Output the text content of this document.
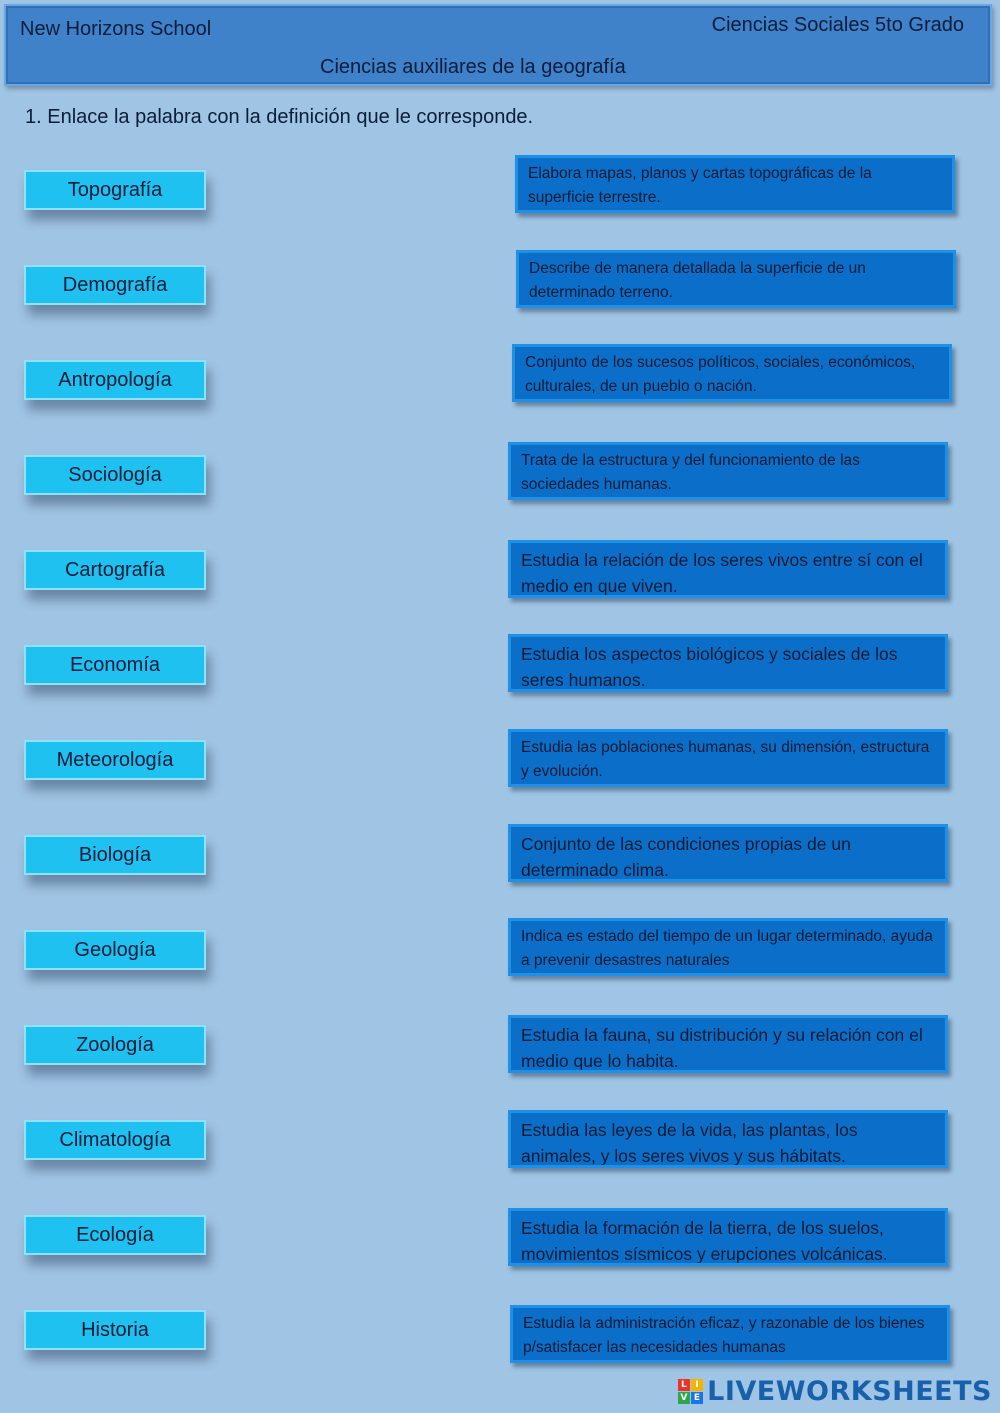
New Horizons School	Ciencias Sociales 5to Grado
Ciencias auxiliares de la geografía
1. Enlace la palabra con la definición que le corresponde.
Topografía
Demografía
Antropología
Sociología
Cartografía
Economía
Meteorología
Biología
Geología
Zoología
Climatología
Ecología
Historia
Elabora mapas, planos y cartas topográficas de la superficie terrestre.
Describe de manera detallada la superficie de un determinado terreno.
Conjunto de los sucesos políticos, sociales, económicos, culturales, de un pueblo o nación.
Trata de la estructura y del funcionamiento de las sociedades humanas.
Estudia la relación de los seres vivos entre sí con el medio en que viven.
Estudia los aspectos biológicos y sociales de los seres humanos.
Estudia las poblaciones humanas, su dimensión, estructura y evolución.
Conjunto de las condiciones propias de un determinado clima.
Indica es estado del tiempo de un lugar determinado, ayuda a prevenir desastres naturales
Estudia la fauna, su distribución y su relación con el medio que lo habita.
Estudia las leyes de la vida, las plantas, los animales, y los seres vivos y sus hábitats.
Estudia la formación de la tierra, de los suelos, movimientos sísmicos y erupciones volcánicas.
Estudia la administración eficaz, y razonable de los bienes p/satisfacer las necesidades humanas
L I
V E LIVEWORKSHEETS
